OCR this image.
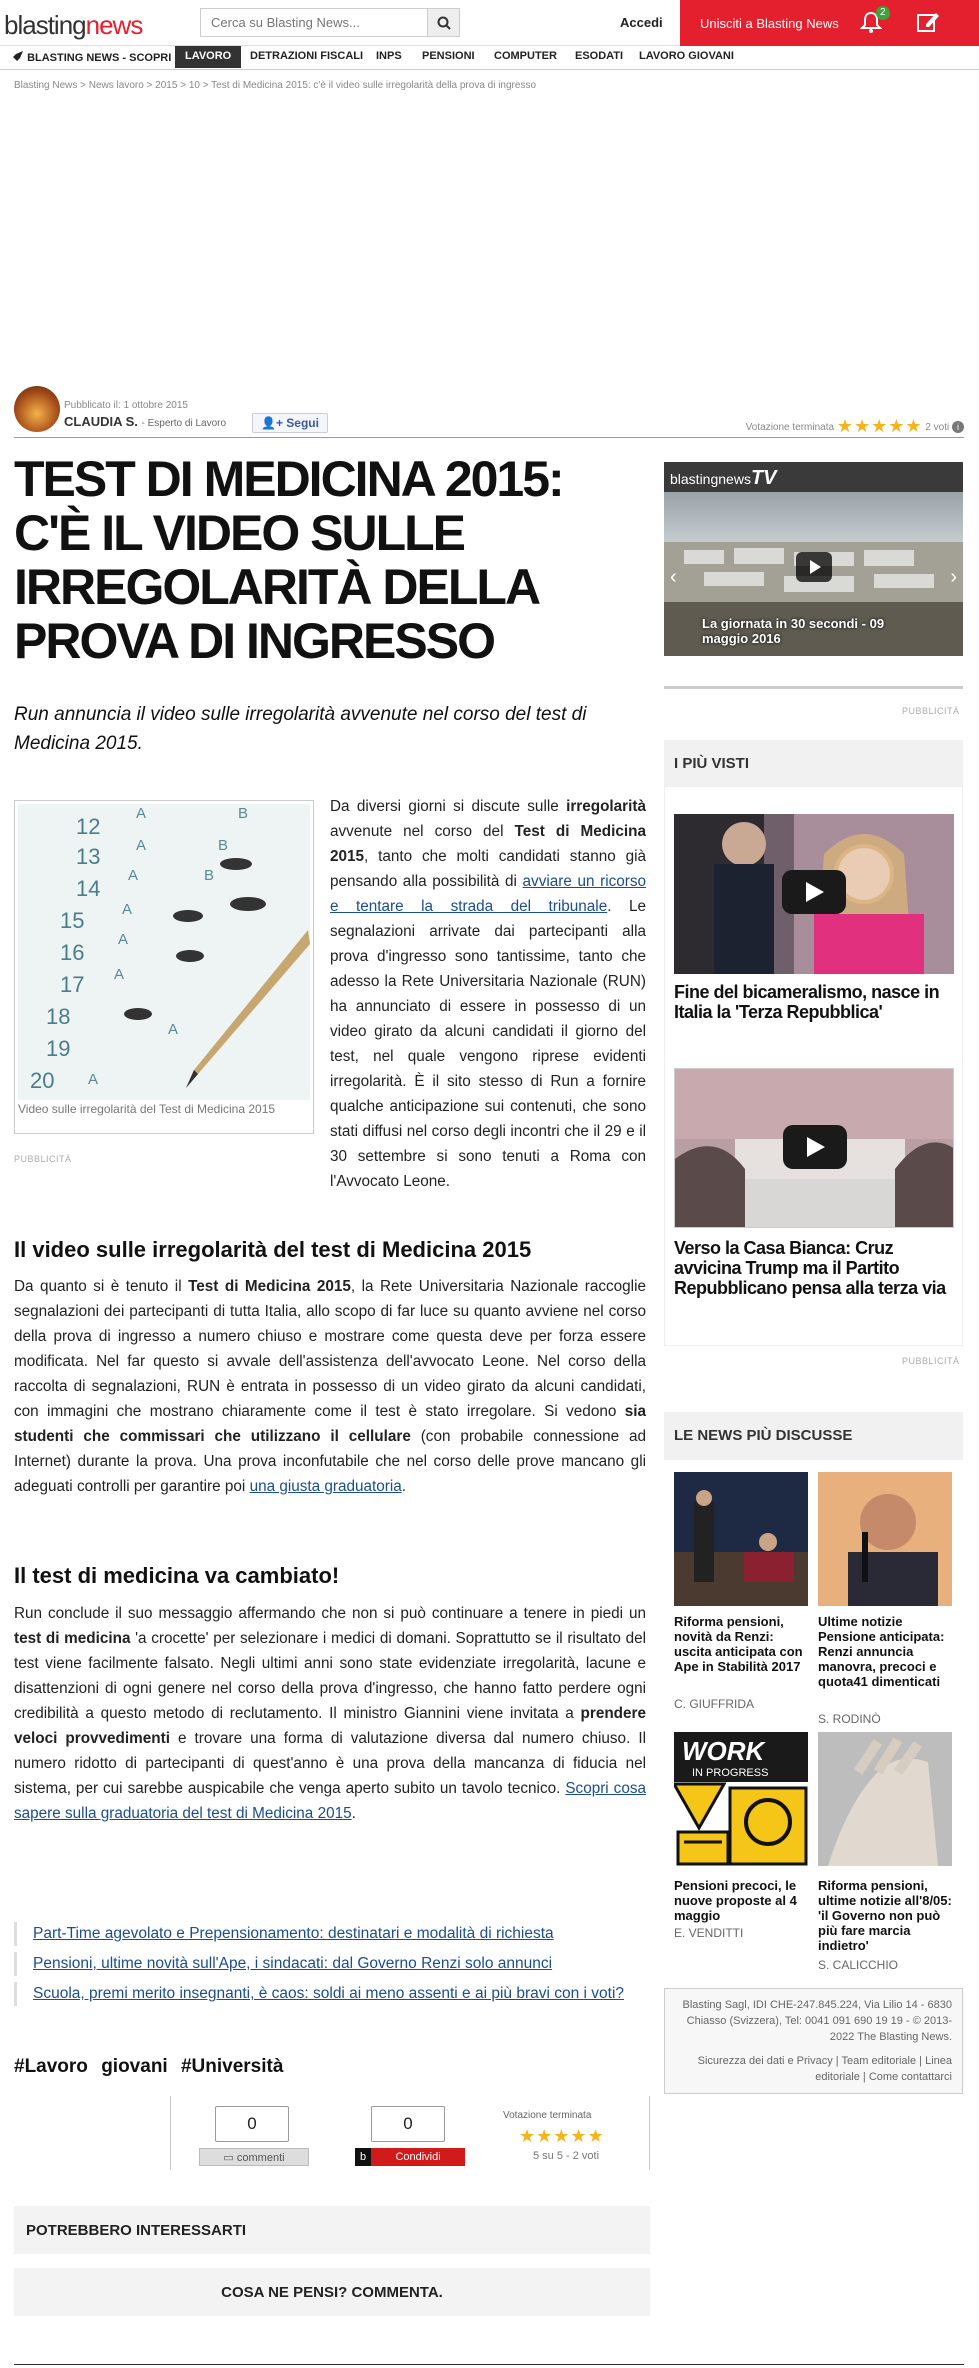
blastingnews
Cerca su Blasting News...	Accedi	Unisciti a Blasting News
2
BLASTING NEWS - SCOPRI	LAVORO	DETRAZIONI FISCALI INPS PENSIONI COMPUTER ESODATI LAVORO GIOVANI
Blasting News > News lavoro > 2015 > 10 > Test di Medicina 2015: c'è il video sulle irregolarità della prova di ingresso
Pubblicato il: 1 ottobre 2015
CLAUDIA S. - Esperto di Lavoro	👤+ Segui	Votazione terminata ★★★★★ 2 voti i
TEST DI MEDICINA 2015: C'È IL VIDEO SULLE IRREGOLARITÀ DELLA PROVA DI INGRESSO
Run annuncia il video sulle irregolarità avvenute nel corso del test di Medicina 2015.
12
13
14
15
16
17
18
19
20
A	B
A	B
A	B
A
A
A
A
A
Video sulle irregolarità del Test di Medicina 2015
PUBBLICITÀ
Da diversi giorni si discute sulle irregolarità avvenute nel corso del Test di Medicina 2015, tanto che molti candidati stanno già pensando alla possibilità di avviare un ricorso e tentare la strada del tribunale. Le segnalazioni arrivate dai partecipanti alla prova d'ingresso sono tantissime, tanto che adesso la Rete Universitaria Nazionale (RUN) ha annunciato di essere in possesso di un video girato da alcuni candidati il giorno del test, nel quale vengono riprese evidenti irregolarità. È il sito stesso di Run a fornire qualche anticipazione sui contenuti, che sono stati diffusi nel corso degli incontri che il 29 e il 30 settembre si sono tenuti a Roma con l'Avvocato Leone.
Il video sulle irregolarità del test di Medicina 2015
Da quanto si è tenuto il Test di Medicina 2015, la Rete Universitaria Nazionale raccoglie segnalazioni dei partecipanti di tutta Italia, allo scopo di far luce su quanto avviene nel corso della prova di ingresso a numero chiuso e mostrare come questa deve per forza essere modificata. Nel far questo si avvale dell'assistenza dell'avvocato Leone. Nel corso della raccolta di segnalazioni, RUN è entrata in possesso di un video girato da alcuni candidati, con immagini che mostrano chiaramente come il test è stato irregolare. Si vedono sia studenti che commissari che utilizzano il cellulare (con probabile connessione ad Internet) durante la prova. Una prova inconfutabile che nel corso delle prove mancano gli adeguati controlli per garantire poi una giusta graduatoria.
Il test di medicina va cambiato!
Run conclude il suo messaggio affermando che non si può continuare a tenere in piedi un test di medicina 'a crocette' per selezionare i medici di domani. Soprattutto se il risultato del test viene facilmente falsato. Negli ultimi anni sono state evidenziate irregolarità, lacune e disattenzioni di ogni genere nel corso della prova d'ingresso, che hanno fatto perdere ogni credibilità a questo metodo di reclutamento. Il ministro Giannini viene invitata a prendere veloci provvedimenti e trovare una forma di valutazione diversa dal numero chiuso. Il numero ridotto di partecipanti di quest'anno è una prova della mancanza di fiducia nel sistema, per cui sarebbe auspicabile che venga aperto subito un tavolo tecnico. Scopri cosa sapere sulla graduatoria del test di Medicina 2015.
Part-Time agevolato e Prepensionamento: destinatari e modalità di richiesta
Pensioni, ultime novità sull'Ape, i sindacati: dal Governo Renzi solo annunci
Scuola, premi merito insegnanti, è caos: soldi ai meno assenti e ai più bravi con i voti?
#Lavoro giovani #Università
0
▭ commenti
0
b	Condividi
Votazione terminata
★★★★★
5 su 5 - 2 voti
POTREBBERO INTERESSARTI
COSA NE PENSI? COMMENTA.
blastingnewsTV
‹	›
La giornata in 30 secondi - 09 maggio 2016
PUBBLICITÀ
I PIÙ VISTI
Fine del bicameralismo, nasce in Italia la 'Terza Repubblica'
Verso la Casa Bianca: Cruz avvicina Trump ma il Partito Repubblicano pensa alla terza via
PUBBLICITÀ
LE NEWS PIÙ DISCUSSE
Riforma pensioni, novità da Renzi: uscita anticipata con Ape in Stabilità 2017
C. GIUFFRIDA
Ultime notizie Pensione anticipata: Renzi annuncia manovra, precoci e quota41 dimenticati
S. RODINÒ
WORK
IN PROGRESS
Pensioni precoci, le nuove proposte al 4 maggio
E. VENDITTI
Riforma pensioni, ultime notizie all'8/05: 'il Governo non può più fare marcia indietro'
S. CALICCHIO
Blasting Sagl, IDI CHE-247.845.224, Via Lilio 14 - 6830 Chiasso (Svizzera), Tel: 0041 091 690 19 19 - © 2013-2022 The Blasting News.
Sicurezza dei dati e Privacy | Team editoriale | Linea editoriale | Come contattarci
